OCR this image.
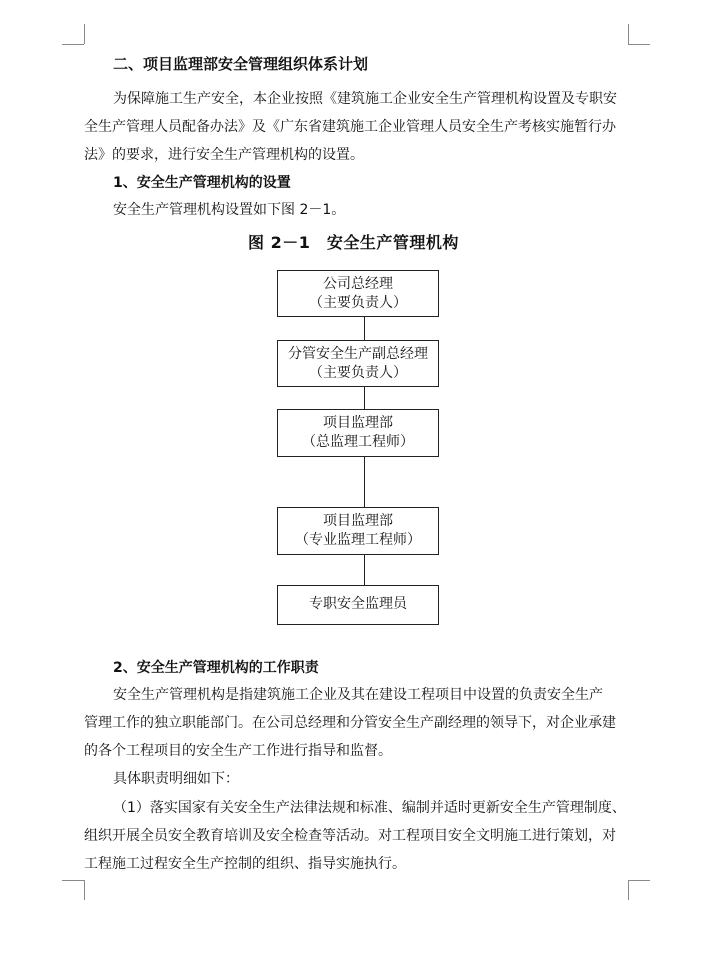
二、项目监理部安全管理组织体系计划
为保障施工生产安全，本企业按照《建筑施工企业安全生产管理机构设置及专职安
全生产管理人员配备办法》及《广东省建筑施工企业管理人员安全生产考核实施暂行办
法》的要求，进行安全生产管理机构的设置。
1、安全生产管理机构的设置
安全生产管理机构设置如下图 2－1。
图 2－1　安全生产管理机构
公司总经理
（主要负责人）
分管安全生产副总经理
（主要负责人）
项目监理部
（总监理工程师）
项目监理部
（专业监理工程师）
专职安全监理员
2、安全生产管理机构的工作职责
安全生产管理机构是指建筑施工企业及其在建设工程项目中设置的负责安全生产
管理工作的独立职能部门。在公司总经理和分管安全生产副经理的领导下，对企业承建
的各个工程项目的安全生产工作进行指导和监督。
具体职责明细如下：
（1）落实国家有关安全生产法律法规和标准、编制并适时更新安全生产管理制度、
组织开展全员安全教育培训及安全检查等活动。对工程项目安全文明施工进行策划，对
工程施工过程安全生产控制的组织、指导实施执行。
